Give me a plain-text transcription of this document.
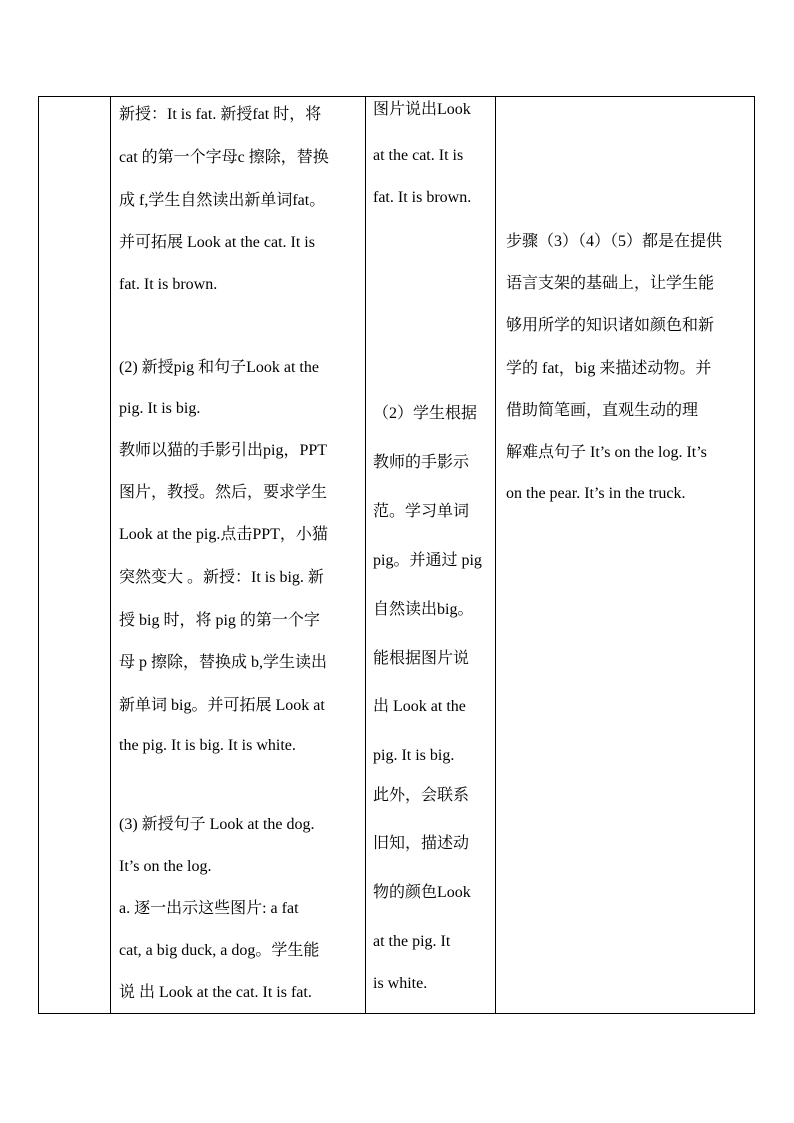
新授：It is fat. 新授fat 时，将
cat 的第一个字母c 擦除，替换
成 f,学生自然读出新单词fat。
并可拓展 Look at the cat. It is
fat. It is brown.
(2) 新授pig 和句子Look at the
pig. It is big.
教师以猫的手影引出pig，PPT
图片，教授。然后，要求学生
Look at the pig.点击PPT，小猫
突然变大 。新授：It is big. 新
授 big 时，将 pig 的第一个字
母 p 擦除，替换成 b,学生读出
新单词 big。并可拓展 Look at
the pig. It is big. It is white.
(3) 新授句子 Look at the dog.
It’s on the log.
a. 逐一出示这些图片: a fat
cat, a big duck, a dog。学生能
说 出 Look at the cat. It is fat.
图片说出Look
at the cat. It is
fat. It is brown.
（2）学生根据
教师的手影示
范。学习单词
pig。并通过 pig
自然读出big。
能根据图片说
出 Look at the
pig. It is big.
此外，会联系
旧知，描述动
物的颜色Look
at the pig. It
is white.
步骤（3）（4）（5）都是在提供
语言支架的基础上，让学生能
够用所学的知识诸如颜色和新
学的 fat，big 来描述动物。并
借助简笔画，直观生动的理
解难点句子 It’s on the log. It’s
on the pear. It’s in the truck.
